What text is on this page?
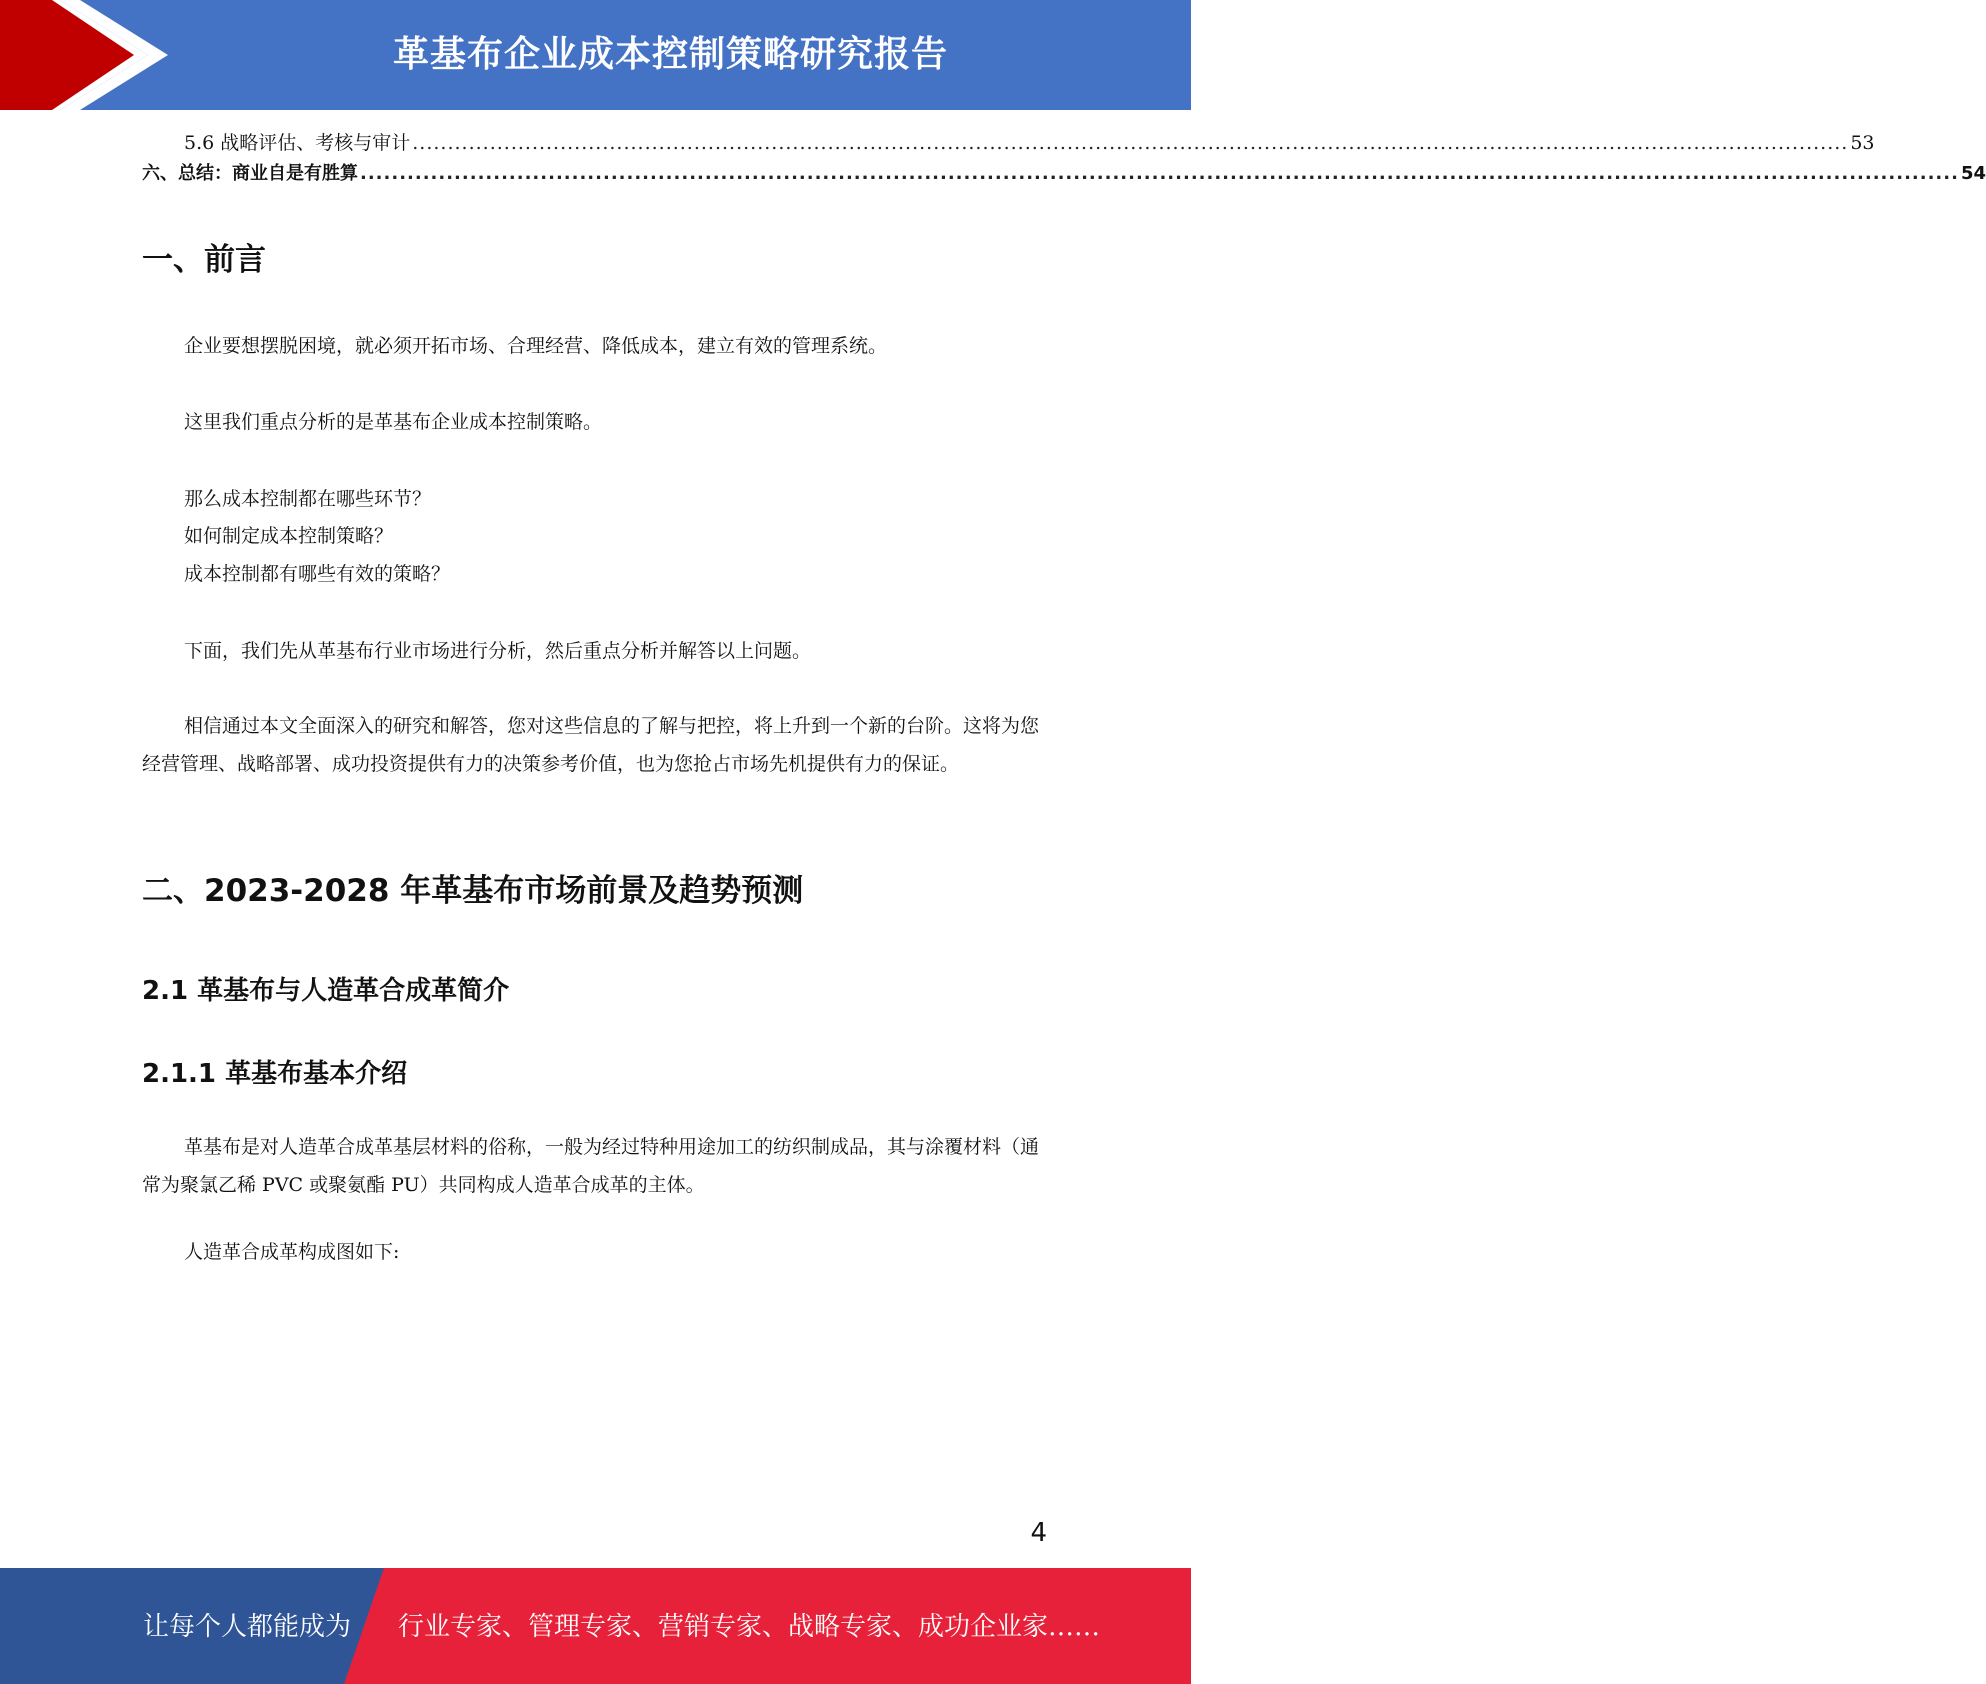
革基布企业成本控制策略研究报告
5.6 战略评估、考核与审计 ............................................................................................................................................................................................................ 53
六、总结：商业自是有胜算 ............................................................................................................................................................................................................ 54
一、前言

企业要想摆脱困境，就必须开拓市场、合理经营、降低成本，建立有效的管理系统。

这里我们重点分析的是革基布企业成本控制策略。

那么成本控制都在哪些环节？
如何制定成本控制策略？
成本控制都有哪些有效的策略？

下面，我们先从革基布行业市场进行分析，然后重点分析并解答以上问题。

相信通过本文全面深入的研究和解答，您对这些信息的了解与把控，将上升到一个新的台阶。这将为您经营管理、战略部署、成功投资提供有力的决策参考价值，也为您抢占市场先机提供有力的保证。

二、2023-2028 年革基布市场前景及趋势预测
2.1 革基布与人造革合成革简介
2.1.1 革基布基本介绍

革基布是对人造革合成革基层材料的俗称，一般为经过特种用途加工的纺织制成品，其与涂覆材料（通常为聚氯乙稀 PVC 或聚氨酯 PU）共同构成人造革合成革的主体。

人造革合成革构成图如下:

4
让每个人都能成为 行业专家、管理专家、营销专家、战略专家、成功企业家……
